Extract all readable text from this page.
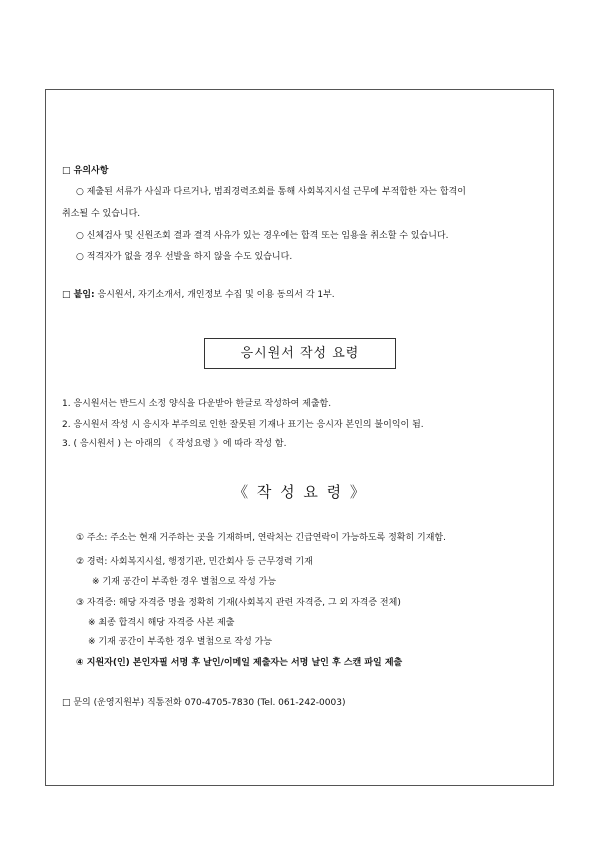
□ 유의사항
○ 제출된 서류가 사실과 다르거나, 범죄경력조회를 통해 사회복지시설 근무에 부적합한 자는 합격이
취소될 수 있습니다.
○ 신체검사 및 신원조회 결과 결격 사유가 있는 경우에는 합격 또는 임용을 취소할 수 있습니다.
○ 적격자가 없을 경우 선발을 하지 않을 수도 있습니다.
□ 붙임: 응시원서, 자기소개서, 개인정보 수집 및 이용 동의서 각 1부.
응시원서 작성 요령
1. 응시원서는 반드시 소정 양식을 다운받아 한글로 작성하여 제출함.
2. 응시원서 작성 시 응시자 부주의로 인한 잘못된 기재나 표기는 응시자 본인의 불이익이 됨.
3. ( 응시원서 ) 는 아래의 《 작성요령 》에 따라 작성 함.
《 작 성 요 령 》
① 주소: 주소는 현재 거주하는 곳을 기재하며, 연락처는 긴급연락이 가능하도록 정확히 기재함.
② 경력: 사회복지시설, 행정기관, 민간회사 등 근무경력 기재
※ 기재 공간이 부족한 경우 별첨으로 작성 가능
③ 자격증: 해당 자격증 명을 정확히 기재(사회복지 관련 자격증, 그 외 자격증 전체)
※ 최종 합격시 해당 자격증 사본 제출
※ 기재 공간이 부족한 경우 별첨으로 작성 가능
④ 지원자(인) 본인자필 서명 후 날인/이메일 제출자는 서명 날인 후 스캔 파일 제출
□ 문의 (운영지원부) 직통전화 070-4705-7830 (Tel. 061-242-0003)
